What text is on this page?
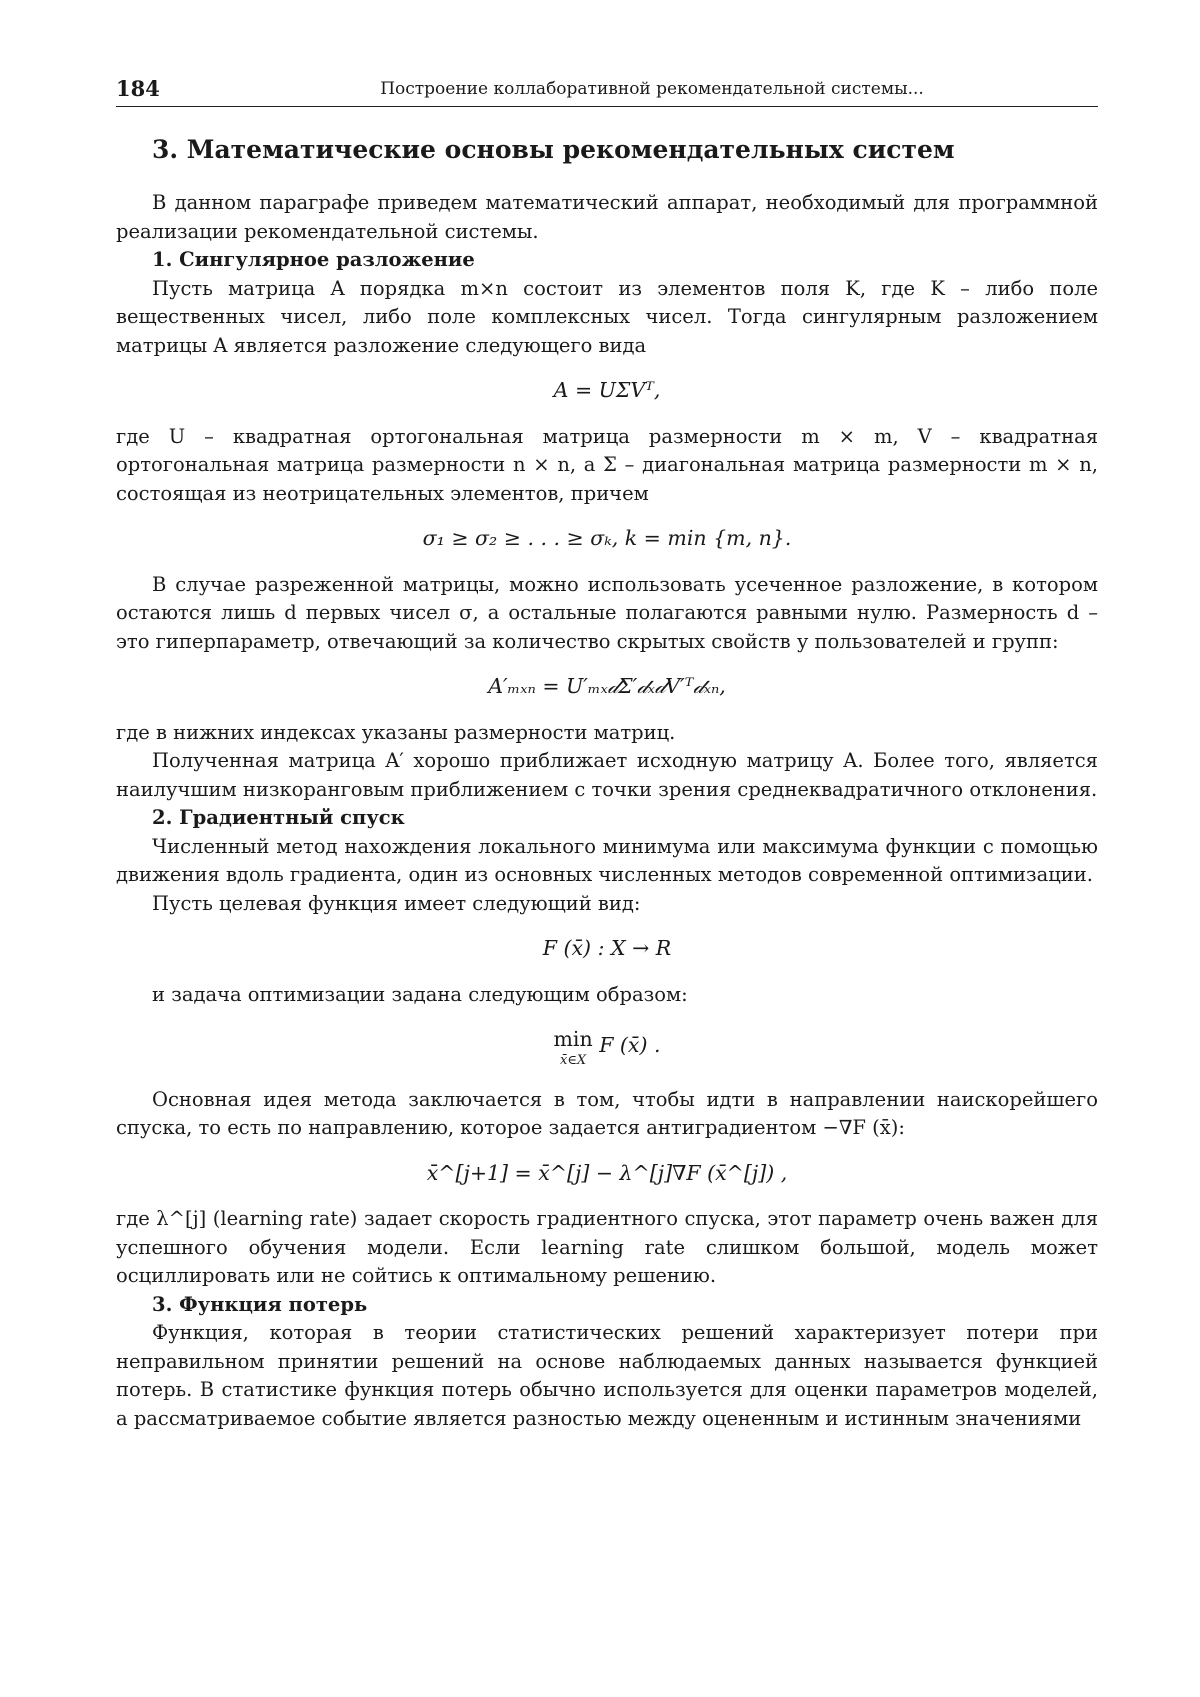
184	Построение коллаборативной рекомендательной системы...
3. Математические основы рекомендательных систем

В данном параграфе приведем математический аппарат, необходимый для программной реализации рекомендательной системы.

1. Сингулярное разложение

Пусть матрица A порядка m×n состоит из элементов поля K, где K – либо поле вещественных чисел, либо поле комплексных чисел. Тогда сингулярным разложением матрицы A является разложение следующего вида

A = UΣVᵀ,

где U – квадратная ортогональная матрица размерности m × m, V – квадратная ортогональная матрица размерности n × n, а Σ – диагональная матрица размерности m × n, состоящая из неотрицательных элементов, причем

σ₁ ≥ σ₂ ≥ . . . ≥ σₖ, k = min {m, n}.

В случае разреженной матрицы, можно использовать усеченное разложение, в котором остаются лишь d первых чисел σ, а остальные полагаются равными нулю. Размерность d – это гиперпараметр, отвечающий за количество скрытых свойств у пользователей и групп:

A′ₘₓₙ = U′ₘₓ𝒹Σ′𝒹ₓ𝒹V′ᵀ𝒹ₓₙ,

где в нижних индексах указаны размерности матриц.

Полученная матрица A′ хорошо приближает исходную матрицу A. Более того, является наилучшим низкоранговым приближением с точки зрения среднеквадратичного отклонения.

2. Градиентный спуск

Численный метод нахождения локального минимума или максимума функции с помощью движения вдоль градиента, один из основных численных методов современной оптимизации.

Пусть целевая функция имеет следующий вид:

F (x̄) : X → R

и задача оптимизации задана следующим образом:

min
x̄∈X
F (x̄) .

Основная идея метода заключается в том, чтобы идти в направлении наискорейшего спуска, то есть по направлению, которое задается антиградиентом −∇F (x̄):

x̄^[j+1] = x̄^[j] − λ^[j]∇F (x̄^[j]) ,

где λ^[j] (learning rate) задает скорость градиентного спуска, этот параметр очень важен для успешного обучения модели. Если learning rate слишком большой, модель может осциллировать или не сойтись к оптимальному решению.

3. Функция потерь

Функция, которая в теории статистических решений характеризует потери при неправильном принятии решений на основе наблюдаемых данных называется функцией потерь. В статистике функция потерь обычно используется для оценки параметров моделей, а рассматриваемое событие является разностью между оцененным и истинным значениями
